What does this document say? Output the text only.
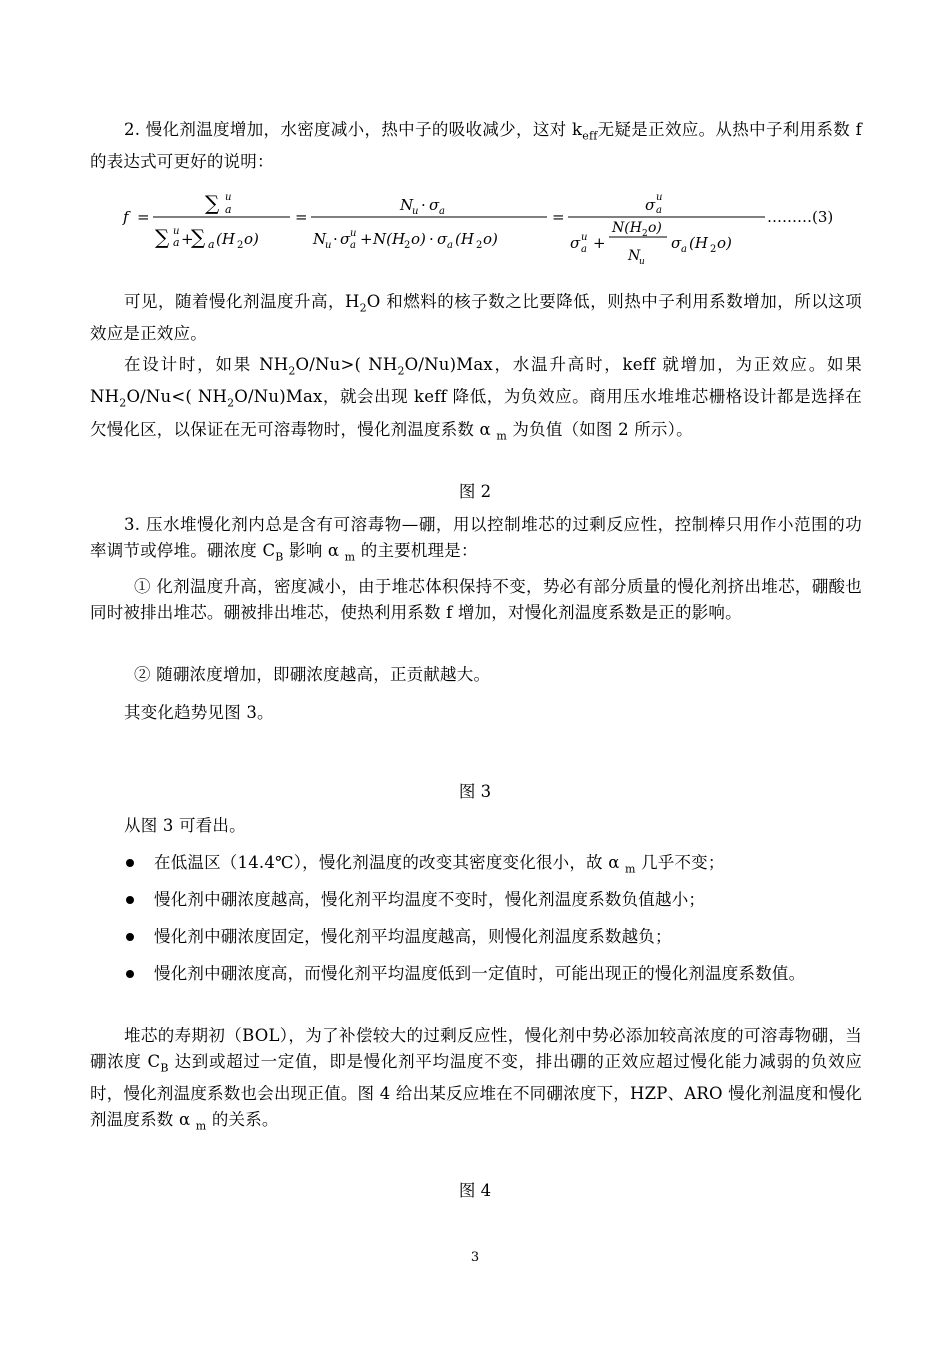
2. 慢化剂温度增加，水密度减小，热中子的吸收减少，这对 $k_{eff}$无疑是正效应。从热中子利用系数 f 的表达式可更好的说明：
f =
∑ u
a
∑ u
a +
∑ a (H 2 o)
=
N
u · σ a
N
u · σ u
a + N(H
2 o) · σ a (H 2 o)
=
σ u
a
σ u
a +
N(H 2 o)
N
u
σ a (H 2 o)
………(3)
可见，随着慢化剂温度升高，$H_2O$ 和燃料的核子数之比要降低，则热中子利用系数增加，所以这项效应是正效应。
在设计时，如果 $NH_2O/Nu>$( $NH_2O/Nu)Max$，水温升高时，keff 就增加，为正效应。如果 $NH_2O/Nu<$( $NH_2O/Nu)Max$，就会出现 keff 降低，为负效应。商用压水堆堆芯栅格设计都是选择在欠慢化区，以保证在无可溶毒物时，慢化剂温度系数 α $_m$ 为负值（如图 2 所示）。
图 2
3. 压水堆慢化剂内总是含有可溶毒物—硼，用以控制堆芯的过剩反应性，控制棒只用作小范围的功率调节或停堆。硼浓度 $C_B$ 影响 α $_m$ 的主要机理是：
① 化剂温度升高，密度减小，由于堆芯体积保持不变，势必有部分质量的慢化剂挤出堆芯，硼酸也同时被排出堆芯。硼被排出堆芯，使热利用系数 f 增加，对慢化剂温度系数是正的影响。
② 随硼浓度增加，即硼浓度越高，正贡献越大。
其变化趋势见图 3。
图 3
从图 3 可看出。
在低温区（14.4℃），慢化剂温度的改变其密度变化很小，故 α $_m$ 几乎不变；
慢化剂中硼浓度越高，慢化剂平均温度不变时，慢化剂温度系数负值越小；
慢化剂中硼浓度固定，慢化剂平均温度越高，则慢化剂温度系数越负；
慢化剂中硼浓度高，而慢化剂平均温度低到一定值时，可能出现正的慢化剂温度系数值。
堆芯的寿期初（BOL），为了补偿较大的过剩反应性，慢化剂中势必添加较高浓度的可溶毒物硼，当硼浓度 $C_B$ 达到或超过一定值，即是慢化剂平均温度不变，排出硼的正效应超过慢化能力减弱的负效应时，慢化剂温度系数也会出现正值。图 4 给出某反应堆在不同硼浓度下，HZP、ARO 慢化剂温度和慢化剂温度系数 α $_m$ 的关系。
图 4
3
